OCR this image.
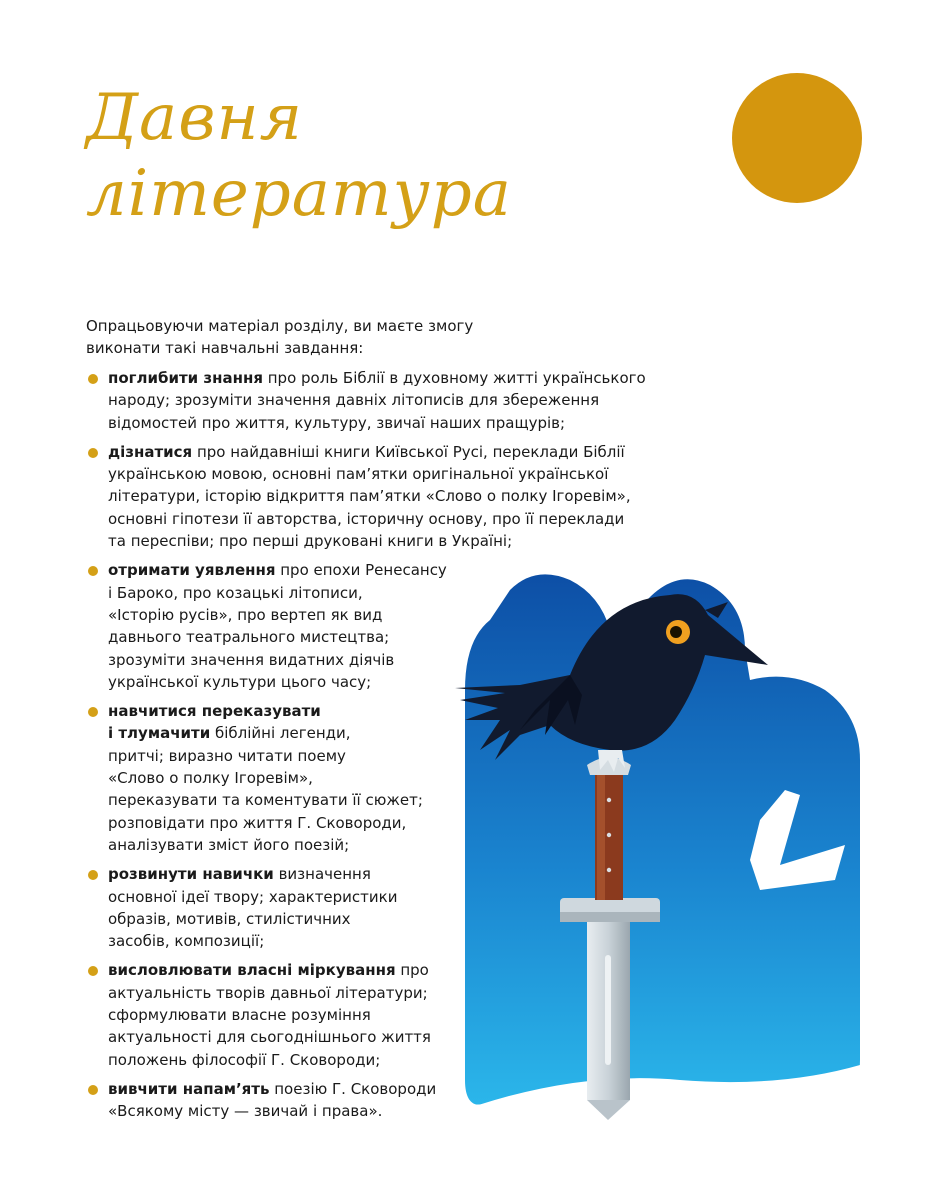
Давня
література

Опрацьовуючи матеріал розділу, ви маєте змогу
виконати такі навчальні завдання:

поглибити знання про роль Біблії в духовному житті українського
народу; зрозуміти значення давніх літописів для збереження
відомостей про життя, культуру, звичаї наших пращурів;
дізнатися про найдавніші книги Київської Русі, переклади Біблії
українською мовою, основні пам’ятки оригінальної української
літератури, історію відкриття пам’ятки «Слово о полку Ігоревім»,
основні гіпотези її авторства, історичну основу, про її переклади
та переспіви; про перші друковані книги в Україні;
отримати уявлення про епохи Ренесансу
і Бароко, про козацькі літописи,
«Історію русів», про вертеп як вид
давнього театрального мистецтва;
зрозуміти значення видатних діячів
української культури цього часу;
навчитися переказувати
і тлумачити біблійні легенди,
притчі; виразно читати поему
«Слово о полку Ігоревім»,
переказувати та коментувати її сюжет;
розповідати про життя Г. Сковороди,
аналізувати зміст його поезій;
розвинути навички визначення
основної ідеї твору; характеристики
образів, мотивів, стилістичних
засобів, композиції;
висловлювати власні міркування про
актуальність творів давньої літератури;
сформулювати власне розуміння
актуальності для сьогоднішнього життя
положень філософії Г. Сковороди;
вивчити напам’ять поезію Г. Сковороди
«Всякому місту — звичай і права».
